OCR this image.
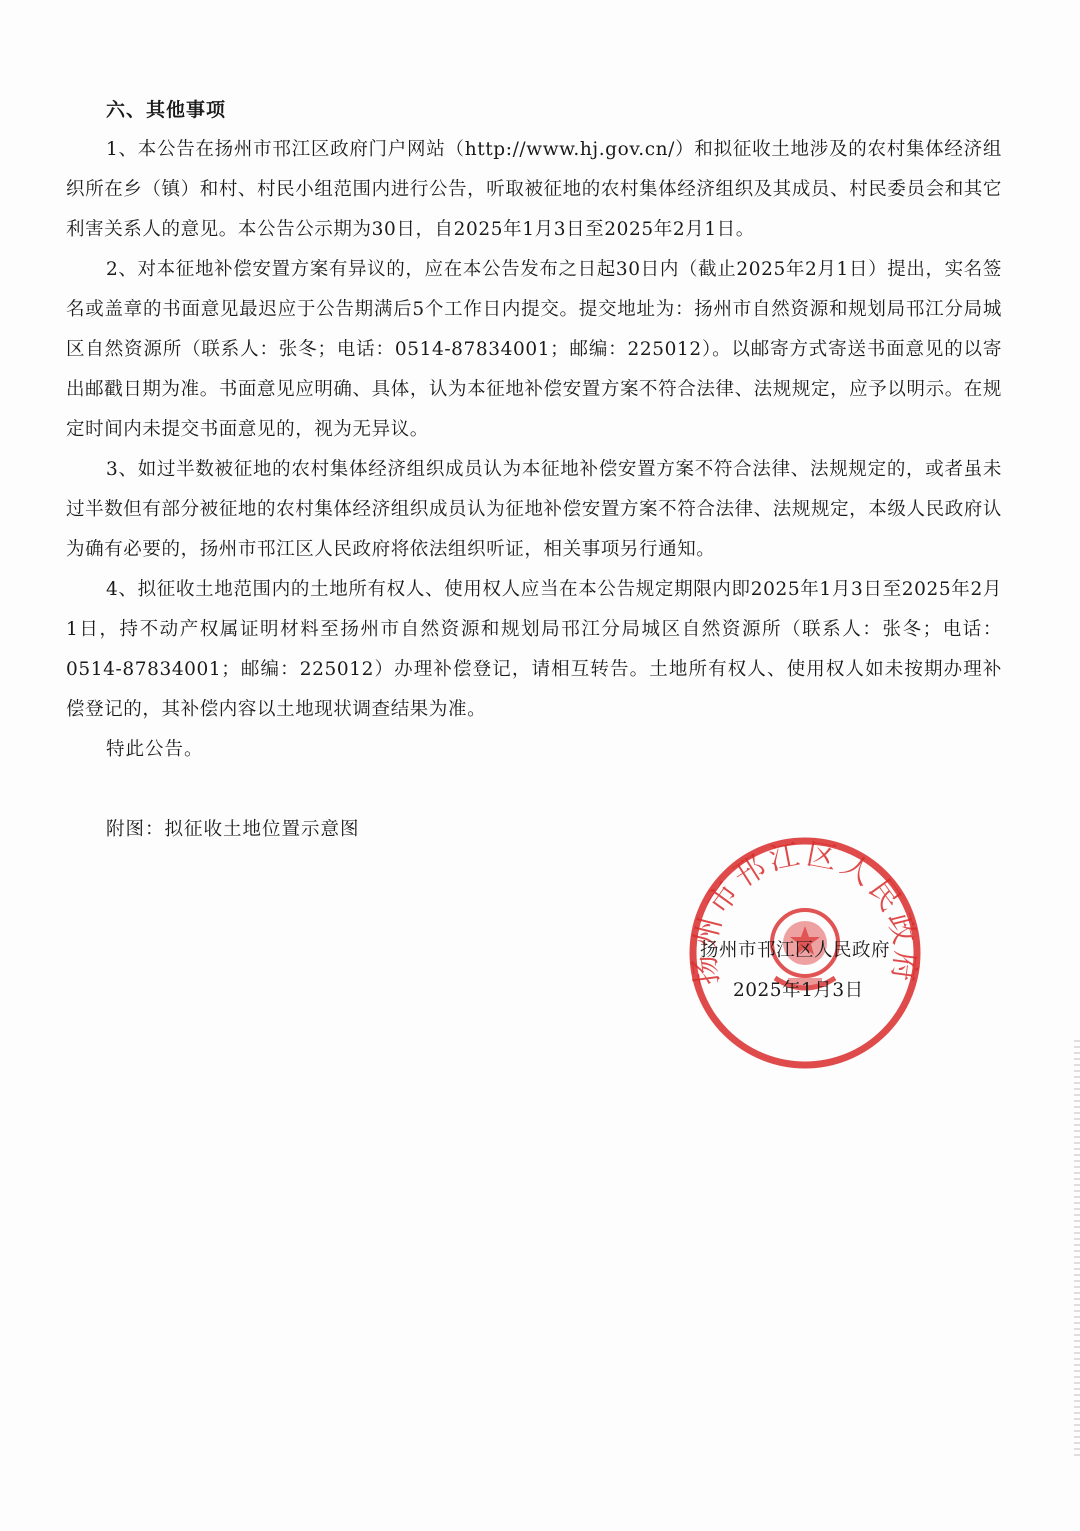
六、其他事项

1、本公告在扬州市邗江区政府门户网站（http://www.hj.gov.cn/）和拟征收土地涉及的农村集体经济组织所在乡（镇）和村、村民小组范围内进行公告，听取被征地的农村集体经济组织及其成员、村民委员会和其它利害关系人的意见。本公告公示期为30日，自2025年1月3日至2025年2月1日。

2、对本征地补偿安置方案有异议的，应在本公告发布之日起30日内（截止2025年2月1日）提出，实名签名或盖章的书面意见最迟应于公告期满后5个工作日内提交。提交地址为：扬州市自然资源和规划局邗江分局城区自然资源所（联系人：张冬；电话：0514-87834001；邮编：225012）。以邮寄方式寄送书面意见的以寄出邮戳日期为准。书面意见应明确、具体，认为本征地补偿安置方案不符合法律、法规规定，应予以明示。在规定时间内未提交书面意见的，视为无异议。

3、如过半数被征地的农村集体经济组织成员认为本征地补偿安置方案不符合法律、法规规定的，或者虽未过半数但有部分被征地的农村集体经济组织成员认为征地补偿安置方案不符合法律、法规规定，本级人民政府认为确有必要的，扬州市邗江区人民政府将依法组织听证，相关事项另行通知。

4、拟征收土地范围内的土地所有权人、使用权人应当在本公告规定期限内即2025年1月3日至2025年2月1日，持不动产权属证明材料至扬州市自然资源和规划局邗江分局城区自然资源所（联系人：张冬；电话：0514-87834001；邮编：225012）办理补偿登记，请相互转告。土地所有权人、使用权人如未按期办理补偿登记的，其补偿内容以土地现状调查结果为准。

特此公告。

附图：拟征收土地位置示意图
扬州市邗江区人民政府
扬州市邗江区人民政府
2025年1月3日
